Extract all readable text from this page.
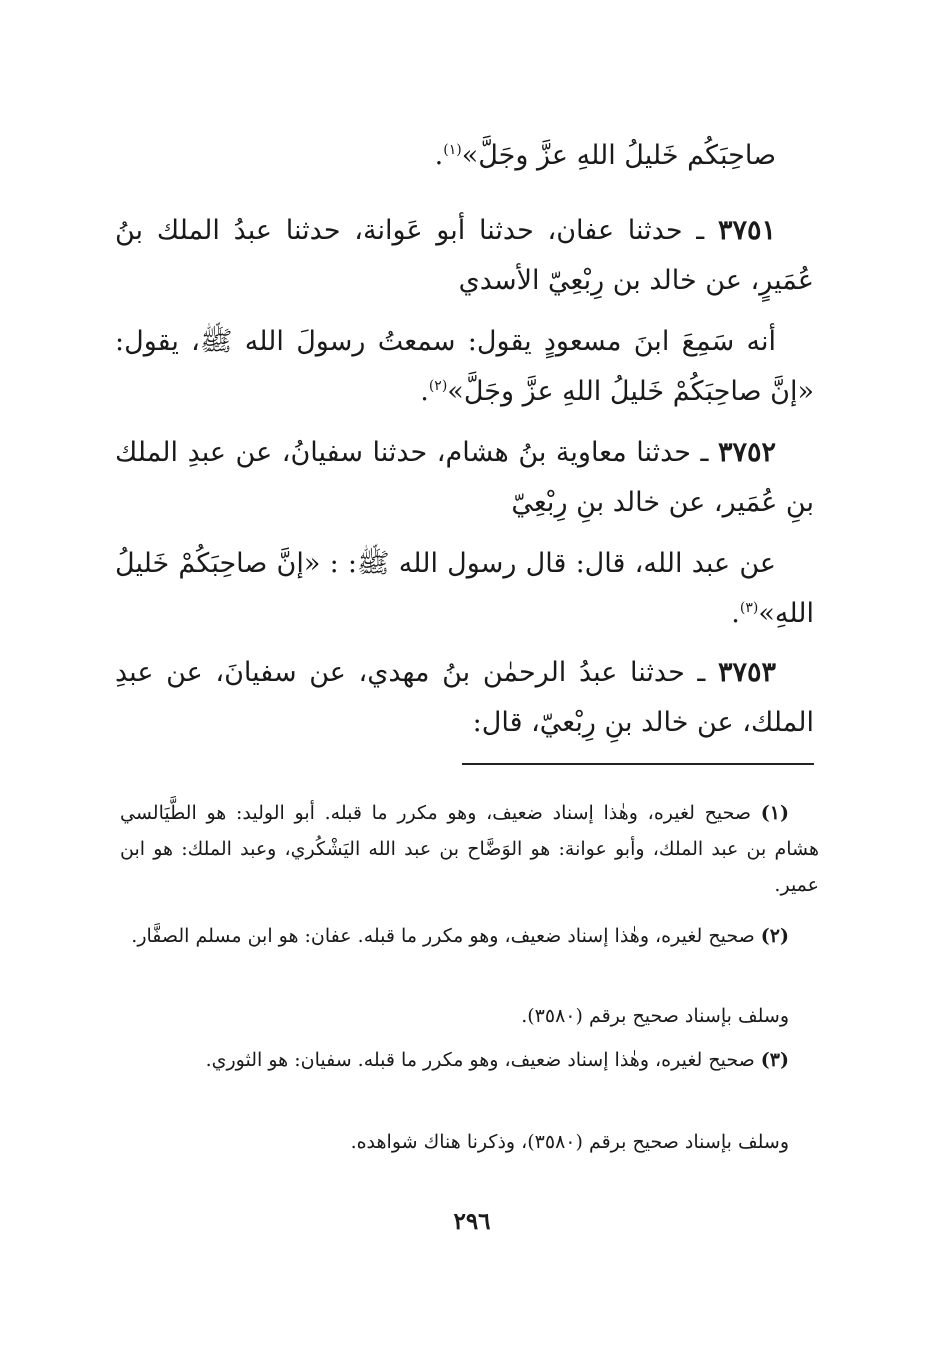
صاحِبَكُم خَليلُ اللهِ عزَّ وجَلَّ»$^{(١)}$.

٣٧٥١ ـ حدثنا عفان، حدثنا أبو عَوانة، حدثنا عبدُ الملك بنُ عُمَيرٍ، عن خالد بن رِبْعِيّ الأسدي

أنه سَمِعَ ابنَ مسعودٍ يقول: سمعتُ رسولَ الله ﷺ، يقول: «إنَّ صاحِبَكُمْ خَليلُ اللهِ عزَّ وجَلَّ»$^{(٢)}$.

٣٧٥٢ ـ حدثنا معاوية بنُ هشام، حدثنا سفيانُ، عن عبدِ الملك بنِ عُمَير، عن خالد بنِ رِبْعِيّ

عن عبد الله، قال: قال رسول الله ﷺ: : «إنَّ صاحِبَكُمْ خَليلُ اللهِ»$^{(٣)}$.

٣٧٥٣ ـ حدثنا عبدُ الرحمٰن بنُ مهدي، عن سفيانَ، عن عبدِ الملك، عن خالد بنِ رِبْعيّ، قال:

(١) صحيح لغيره، وهٰذا إسناد ضعيف، وهو مكرر ما قبله. أبو الوليد: هو الطَّيَالسي هشام بن عبد الملك، وأبو عوانة: هو الوَضَّاح بن عبد الله اليَشْكُري، وعبد الملك: هو ابن عمير.

(٢) صحيح لغيره، وهٰذا إسناد ضعيف، وهو مكرر ما قبله. عفان: هو ابن مسلم الصفَّار.

وسلف بإسناد صحيح برقم (٣٥٨٠).

(٣) صحيح لغيره، وهٰذا إسناد ضعيف، وهو مكرر ما قبله. سفيان: هو الثوري.

وسلف بإسناد صحيح برقم (٣٥٨٠)، وذكرنا هناك شواهده.

٢٩٦
